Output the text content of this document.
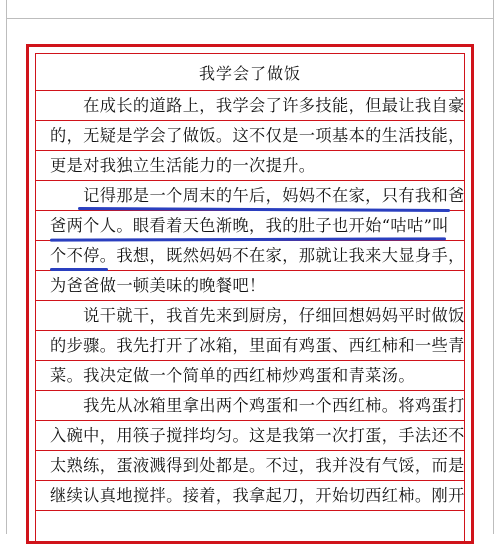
我学会了做饭
　　在成长的道路上，我学会了许多技能，但最让我自豪
的，无疑是学会了做饭。这不仅是一项基本的生活技能，
更是对我独立生活能力的一次提升。
　　记得那是一个周末的午后，妈妈不在家，只有我和爸
爸两个人。眼看着天色渐晚，我的肚子也开始“咕咕”叫
个不停。我想，既然妈妈不在家，那就让我来大显身手，
为爸爸做一顿美味的晚餐吧！
　　说干就干，我首先来到厨房，仔细回想妈妈平时做饭
的步骤。我先打开了冰箱，里面有鸡蛋、西红柿和一些青
菜。我决定做一个简单的西红柿炒鸡蛋和青菜汤。
　　我先从冰箱里拿出两个鸡蛋和一个西红柿。将鸡蛋打
入碗中，用筷子搅拌均匀。这是我第一次打蛋，手法还不
太熟练，蛋液溅得到处都是。不过，我并没有气馁，而是
继续认真地搅拌。接着，我拿起刀，开始切西红柿。刚开
